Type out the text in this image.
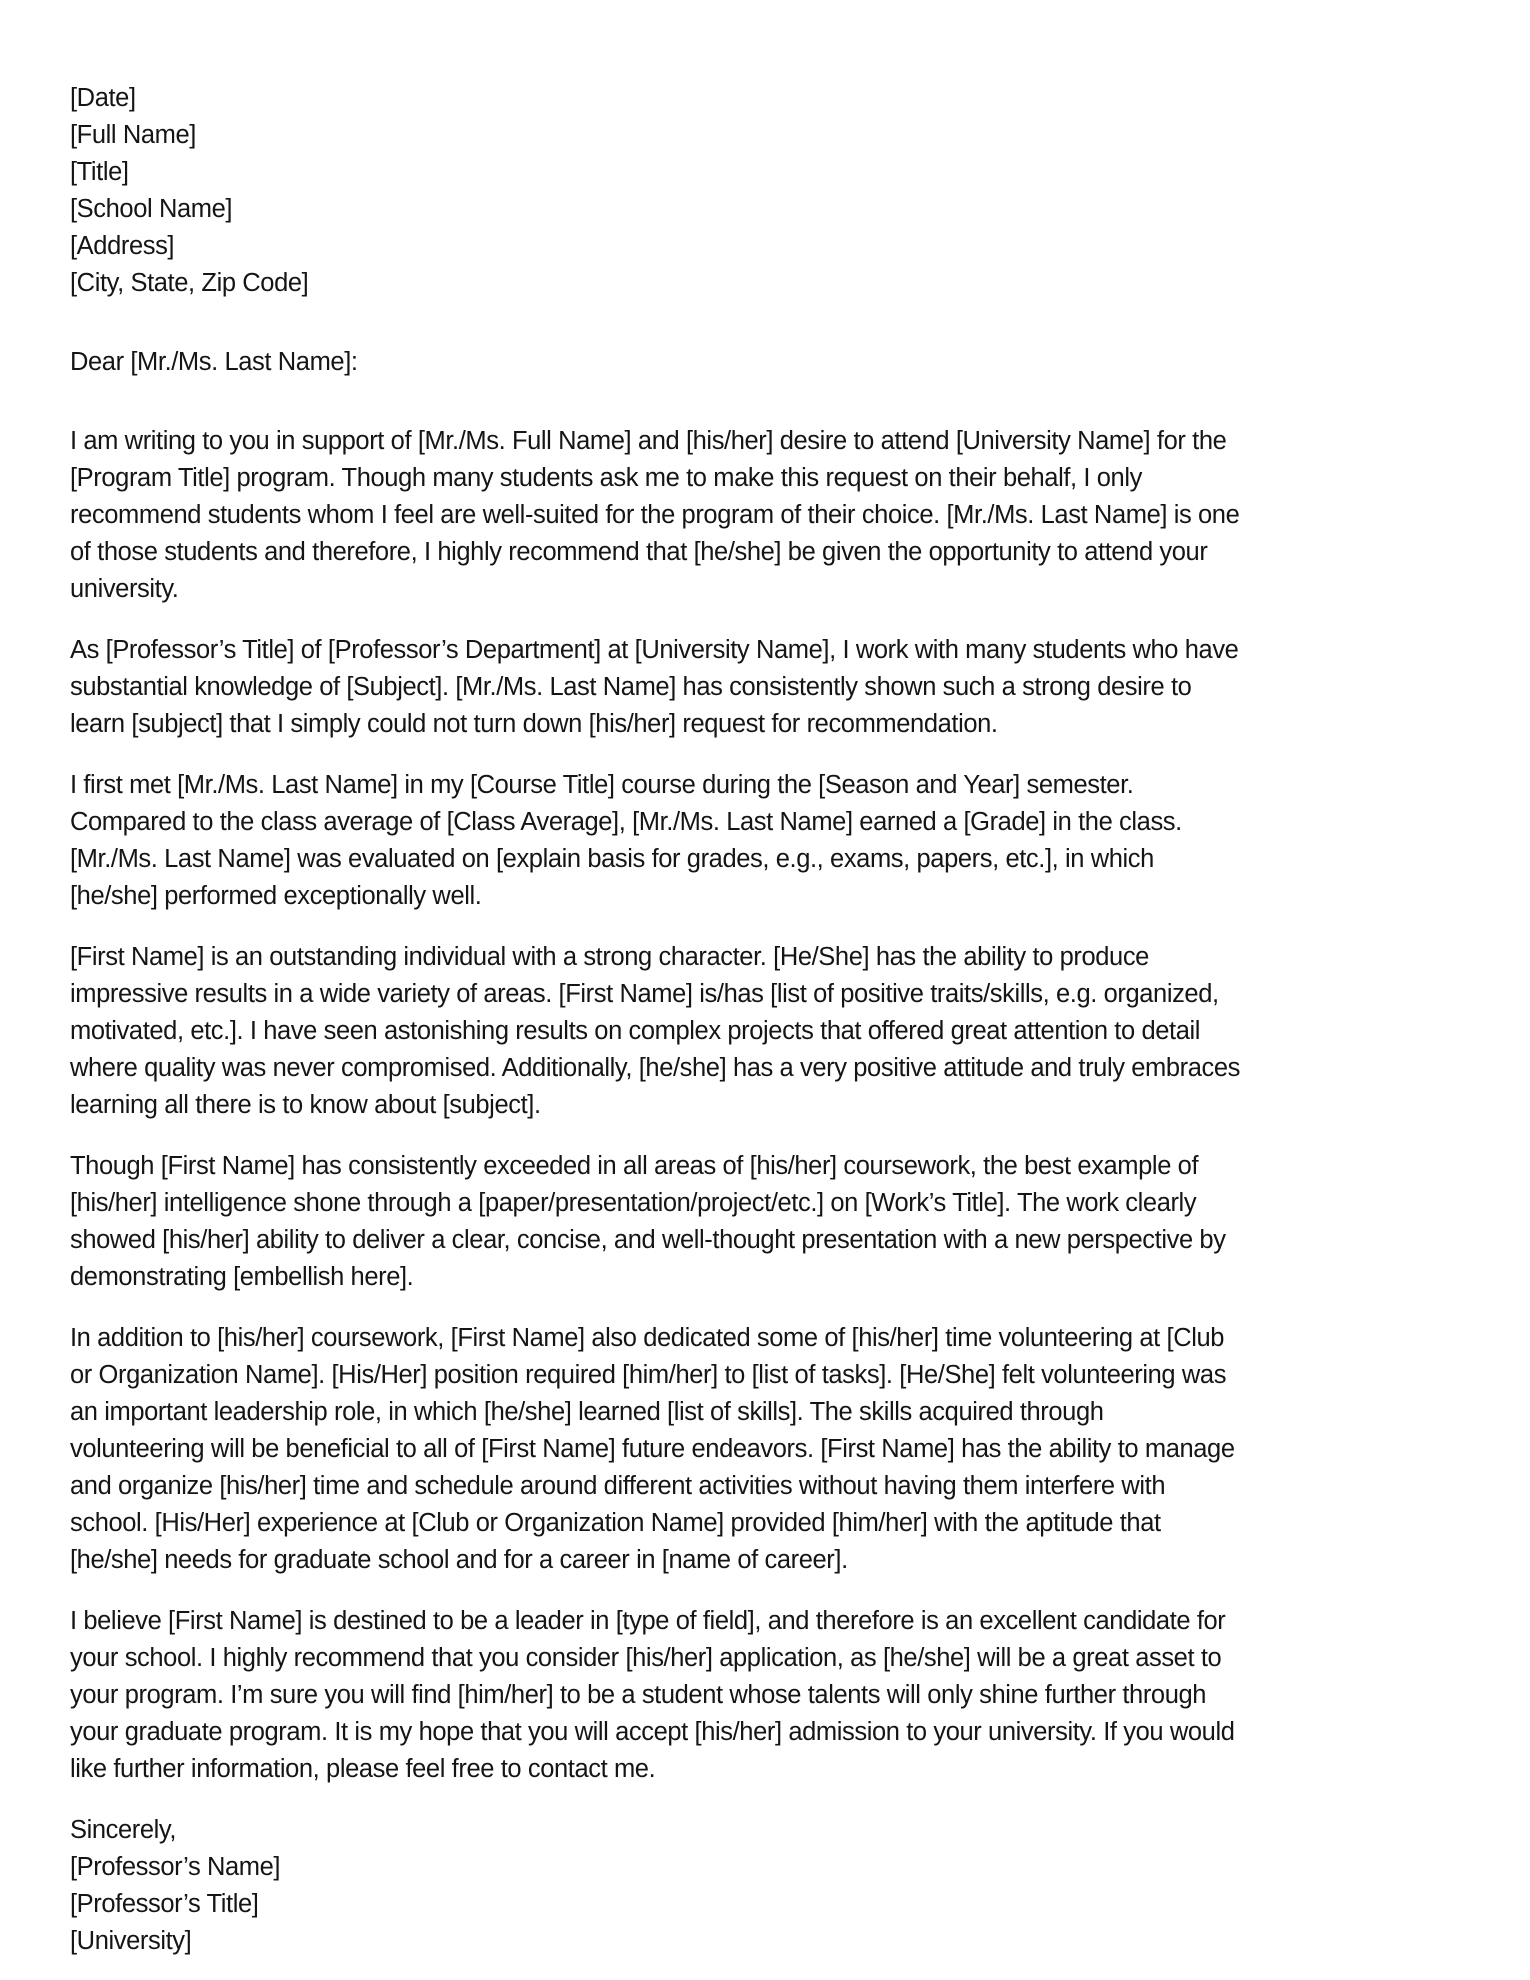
[Date]
[Full Name]
[Title]
[School Name]
[Address]
[City, State, Zip Code]

Dear [Mr./Ms. Last Name]:

I am writing to you in support of [Mr./Ms. Full Name] and [his/her] desire to attend [University Name] for the [Program Title] program. Though many students ask me to make this request on their behalf, I only recommend students whom I feel are well-suited for the program of their choice. [Mr./Ms. Last Name] is one of those students and therefore, I highly recommend that [he/she] be given the opportunity to attend your university.

As [Professor’s Title] of [Professor’s Department] at [University Name], I work with many students who have substantial knowledge of [Subject]. [Mr./Ms. Last Name] has consistently shown such a strong desire to learn [subject] that I simply could not turn down [his/her] request for recommendation.

I first met [Mr./Ms. Last Name] in my [Course Title] course during the [Season and Year] semester. Compared to the class average of [Class Average], [Mr./Ms. Last Name] earned a [Grade] in the class. [Mr./Ms. Last Name] was evaluated on [explain basis for grades, e.g., exams, papers, etc.], in which [he/she] performed exceptionally well.

[First Name] is an outstanding individual with a strong character. [He/She] has the ability to produce impressive results in a wide variety of areas. [First Name] is/has [list of positive traits/skills, e.g. organized, motivated, etc.]. I have seen astonishing results on complex projects that offered great attention to detail where quality was never compromised. Additionally, [he/she] has a very positive attitude and truly embraces learning all there is to know about [subject].

Though [First Name] has consistently exceeded in all areas of [his/her] coursework, the best example of [his/her] intelligence shone through a [paper/presentation/project/etc.] on [Work’s Title]. The work clearly showed [his/her] ability to deliver a clear, concise, and well-thought presentation with a new perspective by demonstrating [embellish here].

In addition to [his/her] coursework, [First Name] also dedicated some of [his/her] time volunteering at [Club or Organization Name]. [His/Her] position required [him/her] to [list of tasks]. [He/She] felt volunteering was an important leadership role, in which [he/she] learned [list of skills]. The skills acquired through volunteering will be beneficial to all of [First Name] future endeavors. [First Name] has the ability to manage and organize [his/her] time and schedule around different activities without having them interfere with school. [His/Her] experience at [Club or Organization Name] provided [him/her] with the aptitude that [he/she] needs for graduate school and for a career in [name of career].

I believe [First Name] is destined to be a leader in [type of field], and therefore is an excellent candidate for your school. I highly recommend that you consider [his/her] application, as [he/she] will be a great asset to your program. I’m sure you will find [him/her] to be a student whose talents will only shine further through your graduate program. It is my hope that you will accept [his/her] admission to your university. If you would like further information, please feel free to contact me.

Sincerely,
[Professor’s Name]
[Professor’s Title]
[University]
